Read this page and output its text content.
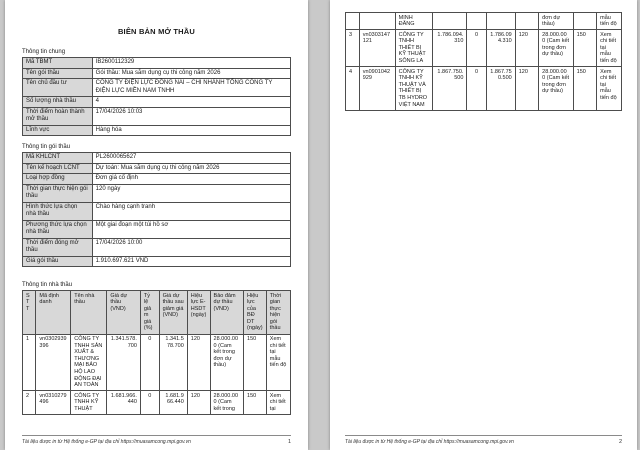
BIÊN BẢN MỞ THẦU
Thông tin chung
Mã TBMT	IB2600112329
Tên gói thầu	Gói thầu: Mua sắm dụng cụ thi công năm 2026
Tên chủ đầu tư	CÔNG TY ĐIỆN LỰC ĐỒNG NAI – CHI NHÁNH TỔNG CÔNG TY ĐIỆN LỰC MIỀN NAM TNHH
Số lượng nhà thầu	4
Thời điểm hoàn thành mở thầu	17/04/2026 10:03
Lĩnh vực	Hàng hóa
Thông tin gói thầu
Mã KHLCNT	PL2600065627
Tên kế hoạch LCNT	Dự toán: Mua sắm dụng cụ thi công năm 2026
Loại hợp đồng	Đơn giá cố định
Thời gian thực hiện gói thầu	120 ngày
Hình thức lựa chọn nhà thầu	Chào hàng cạnh tranh
Phương thức lựa chọn nhà thầu	Một giai đoạn một túi hồ sơ
Thời điểm đóng mở thầu	17/04/2026 10:00
Giá gói thầu	1.910.697.621 VND
Thông tin nhà thầu
STT	Mã định danh	Tên nhà thầu	Giá dự thầu (VND)	Tỷ lệ giảm giá (%)	Giá dự thầu sau giảm giá (VND)	Hiệu lực E-HSDT (ngày)	Bảo đảm dự thầu (VND)	Hiệu lực của BĐ DT (ngày)	Thời gian thực hiện gói thầu
1	vn0302939396	CÔNG TY TNHH SẢN XUẤT & THƯƠNG MẠI BẢO HỘ LAO ĐỘNG ĐẠI AN TOÀN	1.341.578.700	0	1.341.578.700	120	28.000.000 (Cam kết trong đơn dự thầu)	150	Xem chi tiết tại mẫu tiến độ
2	vn0310279496	CÔNG TY TNHH KỸ THUẬT	1.681.966.440	0	1.681.966.440	120	28.000.000 (Cam kết trong	150	Xem chi tiết tại
Tài liệu được in từ Hệ thống e-GP tại địa chỉ https://muasamcong.mpi.gov.vn	1
		MINH ĐĂNG					đơn dự thầu)		mẫu tiến độ
3	vn0303147121	CÔNG TY TNHH THIẾT BỊ KỸ THUẬT SÔNG LA	1.786.094.310	0	1.786.094.310	120	28.000.000 (Cam kết trong đơn dự thầu)	150	Xem chi tiết tại mẫu tiến độ
4	vn0901042929	CÔNG TY TNHH KỸ THUẬT VÀ THIẾT BỊ TB HYDRO VIỆT NAM	1.867.750.500	0	1.867.750.500	120	28.000.000 (Cam kết trong đơn dự thầu)	150	Xem chi tiết tại mẫu tiến độ
Tài liệu được in từ Hệ thống e-GP tại địa chỉ https://muasamcong.mpi.gov.vn	2
